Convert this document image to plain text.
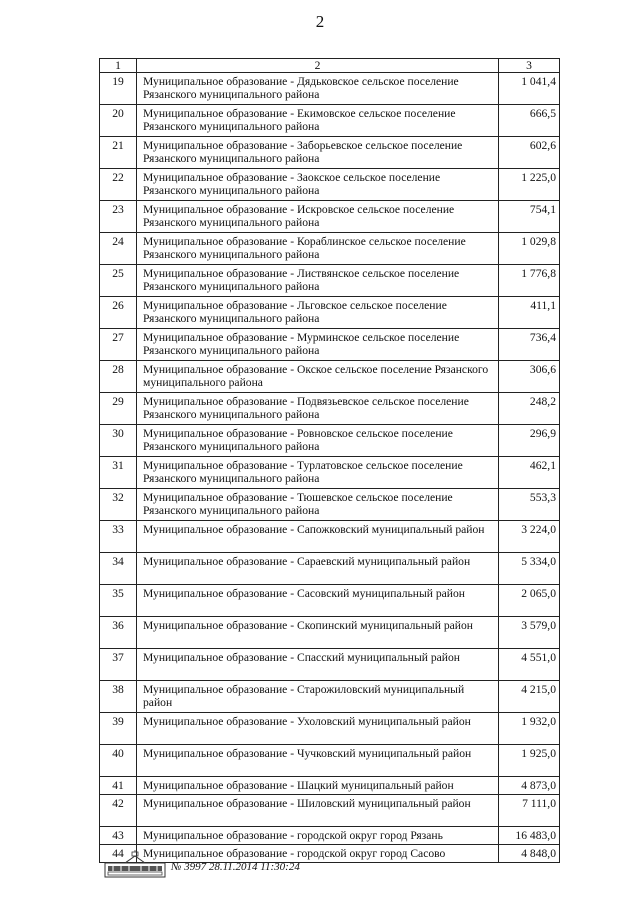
2
1	2	3
19	Муниципальное образование - Дядьковское сельское поселение Рязанского муниципального района	1 041,4
20	Муниципальное образование - Екимовское сельское поселение Рязанского муниципального района	666,5
21	Муниципальное образование - Заборьевское сельское поселение Рязанского муниципального района	602,6
22	Муниципальное образование - Заокское сельское поселение Рязанского муниципального района	1 225,0
23	Муниципальное образование - Искровское сельское поселение Рязанского муниципального района	754,1
24	Муниципальное образование - Кораблинское сельское поселение Рязанского муниципального района	1 029,8
25	Муниципальное образование - Листвянское сельское поселение Рязанского муниципального района	1 776,8
26	Муниципальное образование - Льговское сельское поселение Рязанского муниципального района	411,1
27	Муниципальное образование - Мурминское сельское поселение Рязанского муниципального района	736,4
28	Муниципальное образование - Окское сельское поселение Рязанского муниципального района	306,6
29	Муниципальное образование - Подвязьевское сельское поселение Рязанского муниципального района	248,2
30	Муниципальное образование - Ровновское сельское поселение Рязанского муниципального района	296,9
31	Муниципальное образование - Турлатовское сельское поселение Рязанского муниципального района	462,1
32	Муниципальное образование - Тюшевское сельское поселение Рязанского муниципального района	553,3
33	Муниципальное образование - Сапожковский муниципальный район	3 224,0
34	Муниципальное образование - Сараевский муниципальный район	5 334,0
35	Муниципальное образование - Сасовский муниципальный район	2 065,0
36	Муниципальное образование - Скопинский муниципальный район	3 579,0
37	Муниципальное образование - Спасский муниципальный район	4 551,0
38	Муниципальное образование - Старожиловский муниципальный район	4 215,0
39	Муниципальное образование - Ухоловский муниципальный район	1 932,0
40	Муниципальное образование - Чучковский муниципальный район	1 925,0
41	Муниципальное образование - Шацкий муниципальный район	4 873,0
42	Муниципальное образование - Шиловский муниципальный район	7 111,0
43	Муниципальное образование - городской округ город Рязань	16 483,0
44	Муниципальное образование - городской округ город Сасово	4 848,0
№ 3997 28.11.2014 11:30:24
